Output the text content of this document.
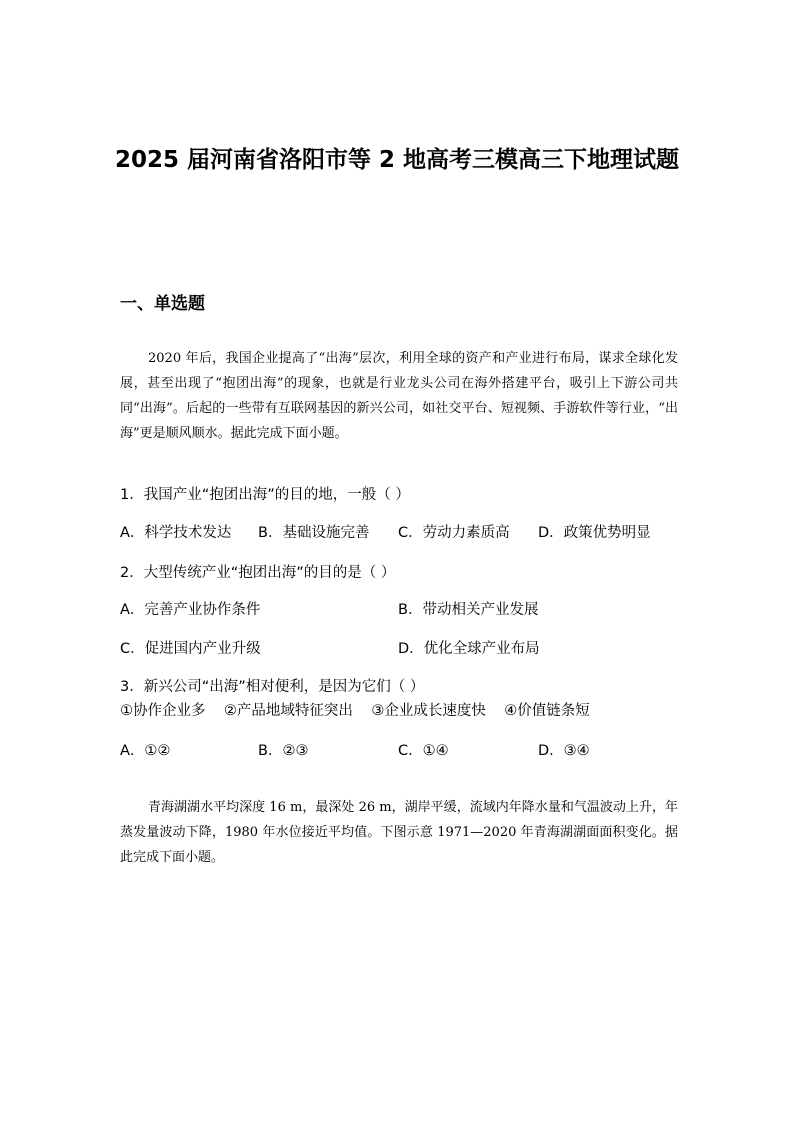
2025 届河南省洛阳市等 2 地高考三模高三下地理试题
一、单选题

2020 年后，我国企业提高了“出海”层次，利用全球的资产和产业进行布局，谋求全球化发展，甚至出现了“抱团出海”的现象，也就是行业龙头公司在海外搭建平台，吸引上下游公司共同“出海”。后起的一些带有互联网基因的新兴公司，如社交平台、短视频、手游软件等行业，“出海”更是顺风顺水。据此完成下面小题。

1．我国产业“抱团出海”的目的地，一般（ ）

A．科学技术发达 B．基础设施完善 C．劳动力素质高 D．政策优势明显

2．大型传统产业“抱团出海”的目的是（ ）

A．完善产业协作条件	B．带动相关产业发展
C．促进国内产业升级	D．优化全球产业布局

3．新兴公司“出海”相对便利，是因为它们（ ）

①协作企业多    ②产品地域特征突出    ③企业成长速度快    ④价值链条短

A．①②	B．②③	C．①④	D．③④

青海湖湖水平均深度 16 m，最深处 26 m，湖岸平缓，流域内年降水量和气温波动上升，年蒸发量波动下降，1980 年水位接近平均值。下图示意 1971—2020 年青海湖湖面面积变化。据此完成下面小题。
